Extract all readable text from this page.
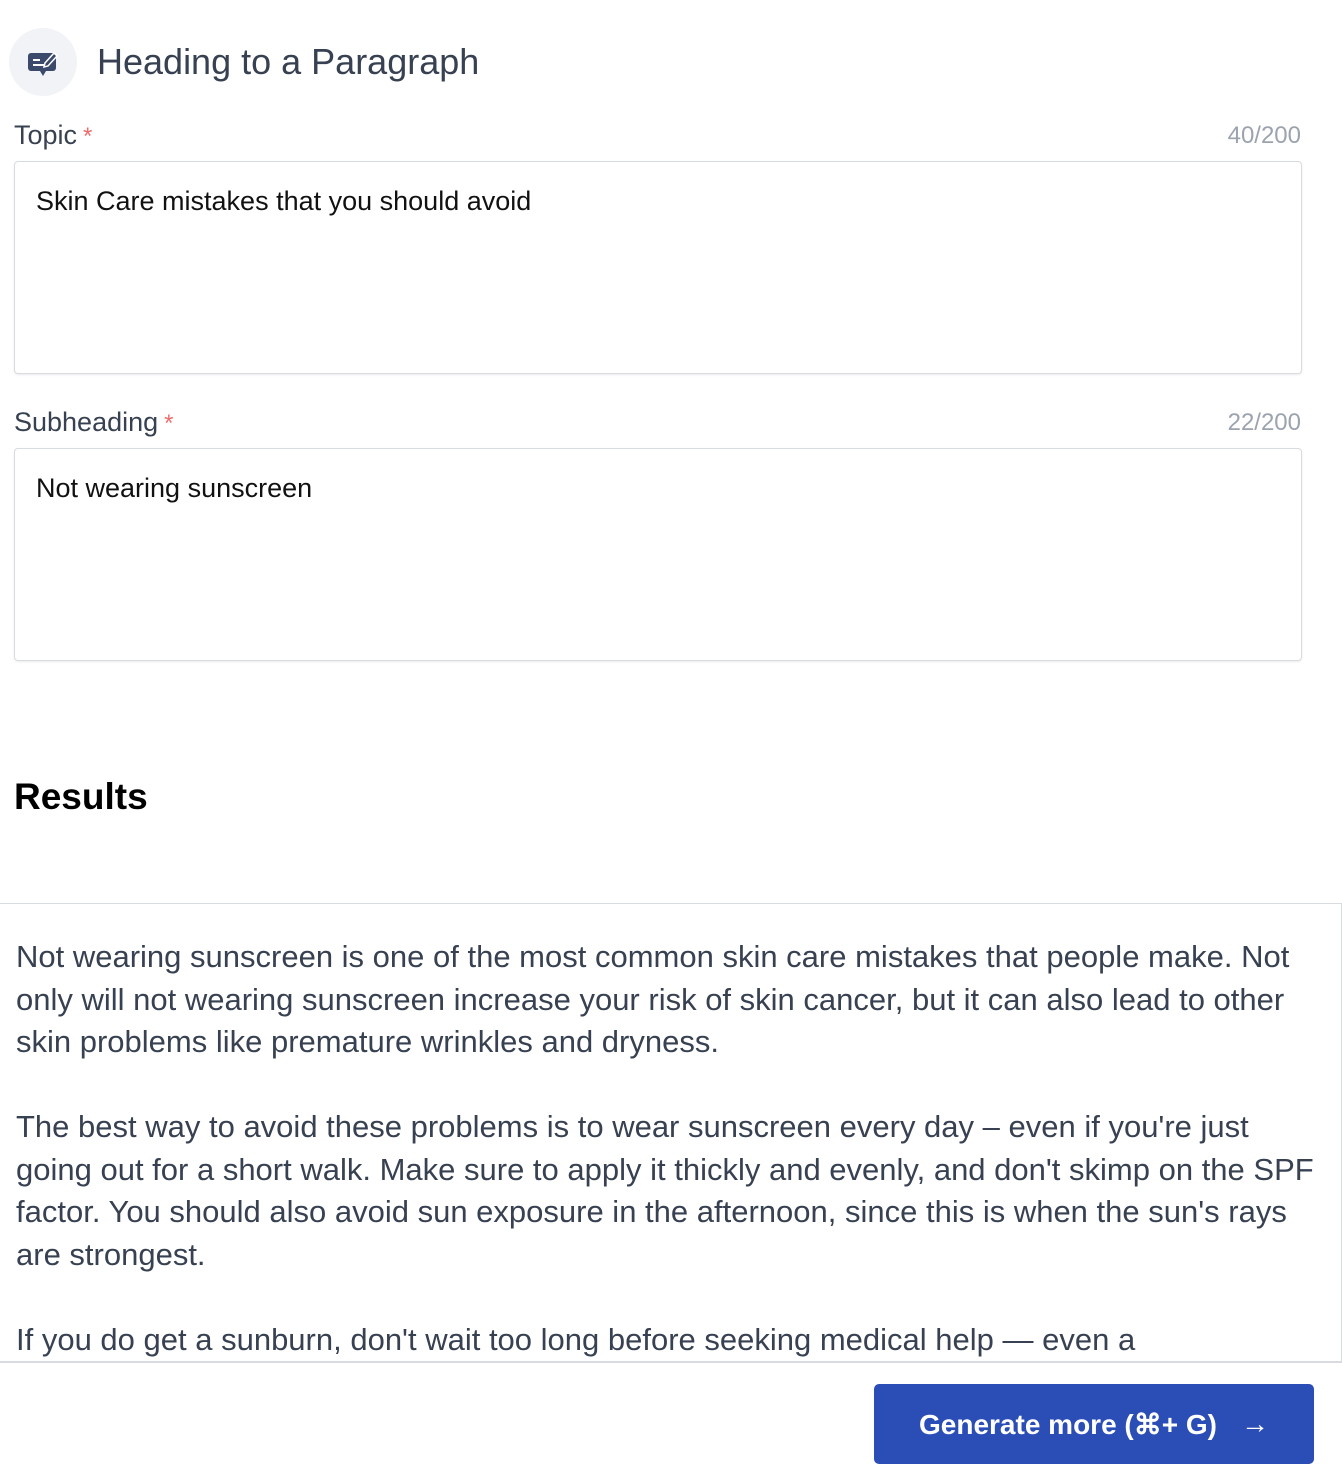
Heading to a Paragraph
Topic *	40/200
Skin Care mistakes that you should avoid
Subheading *	22/200
Not wearing sunscreen
Results

Not wearing sunscreen is one of the most common skin care mistakes that people make. Not only will not wearing sunscreen increase your risk of skin cancer, but it can also lead to other skin problems like premature wrinkles and dryness.

The best way to avoid these problems is to wear sunscreen every day – even if you're just going out for a short walk. Make sure to apply it thickly and evenly, and don't skimp on the SPF factor. You should also avoid sun exposure in the afternoon, since this is when the sun's rays are strongest.

If you do get a sunburn, don't wait too long before seeking medical help — even a

Generate more (⌘+ G) →
